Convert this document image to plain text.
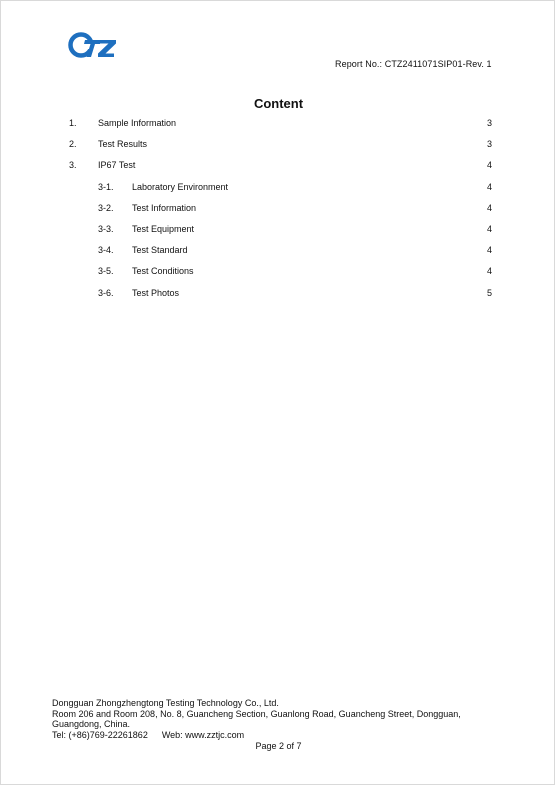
Report No.: CTZ2411071SIP01-Rev. 1
Content
1. Sample Information	3
2. Test Results	3
3. IP67 Test	4
3-1. Laboratory Environment	4
3-2. Test Information	4
3-3. Test Equipment	4
3-4. Test Standard	4
3-5. Test Conditions	4
3-6. Test Photos	5
Dongguan Zhongzhengtong Testing Technology Co., Ltd.
Room 206 and Room 208, No. 8, Guancheng Section, Guanlong Road, Guancheng Street, Dongguan,
Guangdong, China.
Tel: (+86)769-22261862 Web: www.zztjc.com
Page 2 of 7
